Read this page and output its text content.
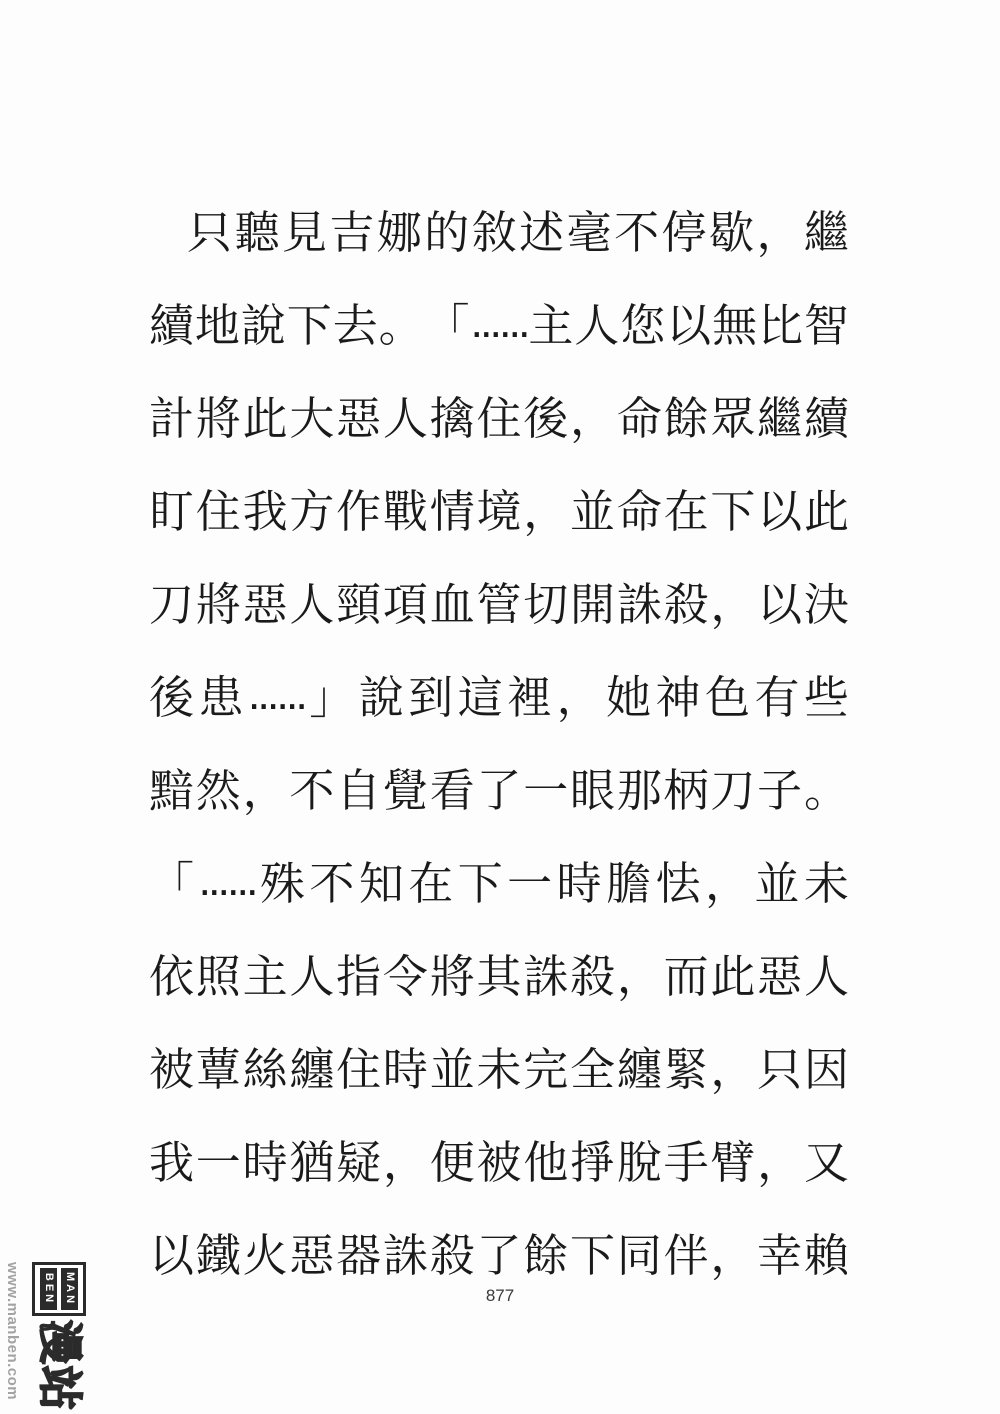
只 聽 見 吉 娜 的 敘 述 毫 不 停 歇 ， 繼
續 地 說 下 去 。 「 ...... 主 人 您 以 無 比 智
計 將 此 大 惡 人 擒 住 後 ， 命 餘 眾 繼 續
盯 住 我 方 作 戰 情 境 ， 並 命 在 下 以 此
刀 將 惡 人 頸 項 血 管 切 開 誅 殺 ， 以 決
後 患 ...... 」 說 到 這 裡 ， 她 神 色 有 些
黯 然 ， 不 自 覺 看 了 一 眼 那 柄 刀 子 。
「 ...... 殊 不 知 在 下 一 時 膽 怯 ， 並 未
依 照 主 人 指 令 將 其 誅 殺 ， 而 此 惡 人
被 蕈 絲 纏 住 時 並 未 完 全 纏 緊 ， 只 因
我 一 時 猶 疑 ， 便 被 他 掙 脫 手 臂 ， 又
以 鐵 火 惡 器 誅 殺 了 餘 下 同 伴 ， 幸 賴
877
MAN
BEN
漫站
www.manben.com
